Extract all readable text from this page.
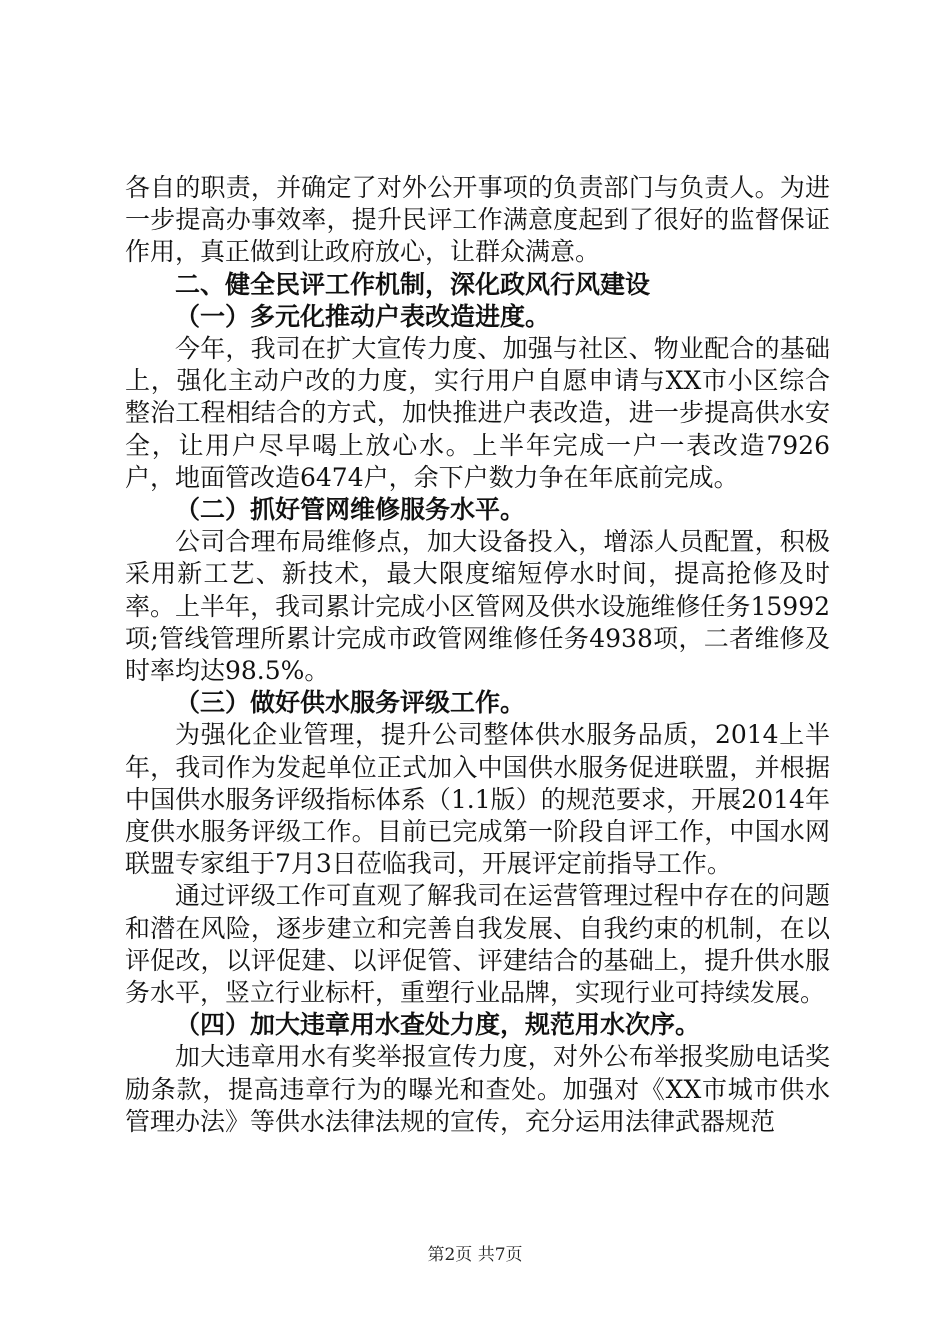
各自的职责，并确定了对外公开事项的负责部门与负责人。为进一步提高办事效率，提升民评工作满意度起到了很好的监督保证作用，真正做到让政府放心，让群众满意。

二、健全民评工作机制，深化政风行风建设

（一）多元化推动户表改造进度。

今年，我司在扩大宣传力度、加强与社区、物业配合的基础上，强化主动户改的力度，实行用户自愿申请与XX市小区综合整治工程相结合的方式，加快推进户表改造，进一步提高供水安全，让用户尽早喝上放心水。上半年完成一户一表改造7926户，地面管改造6474户，余下户数力争在年底前完成。

（二）抓好管网维修服务水平。

公司合理布局维修点，加大设备投入，增添人员配置，积极采用新工艺、新技术，最大限度缩短停水时间，提高抢修及时率。上半年，我司累计完成小区管网及供水设施维修任务15992项;管线管理所累计完成市政管网维修任务4938项，二者维修及时率均达98.5%。

（三）做好供水服务评级工作。

为强化企业管理，提升公司整体供水服务品质，2014上半年，我司作为发起单位正式加入中国供水服务促进联盟，并根据中国供水服务评级指标体系（1.1版）的规范要求，开展2014年度供水服务评级工作。目前已完成第一阶段自评工作，中国水网联盟专家组于7月3日莅临我司，开展评定前指导工作。

通过评级工作可直观了解我司在运营管理过程中存在的问题和潜在风险，逐步建立和完善自我发展、自我约束的机制，在以评促改，以评促建、以评促管、评建结合的基础上，提升供水服务水平，竖立行业标杆，重塑行业品牌，实现行业可持续发展。

（四）加大违章用水查处力度，规范用水次序。

加大违章用水有奖举报宣传力度，对外公布举报奖励电话奖励条款，提高违章行为的曝光和查处。加强对《XX市城市供水管理办法》等供水法律法规的宣传，充分运用法律武器规范

第2页 共7页
